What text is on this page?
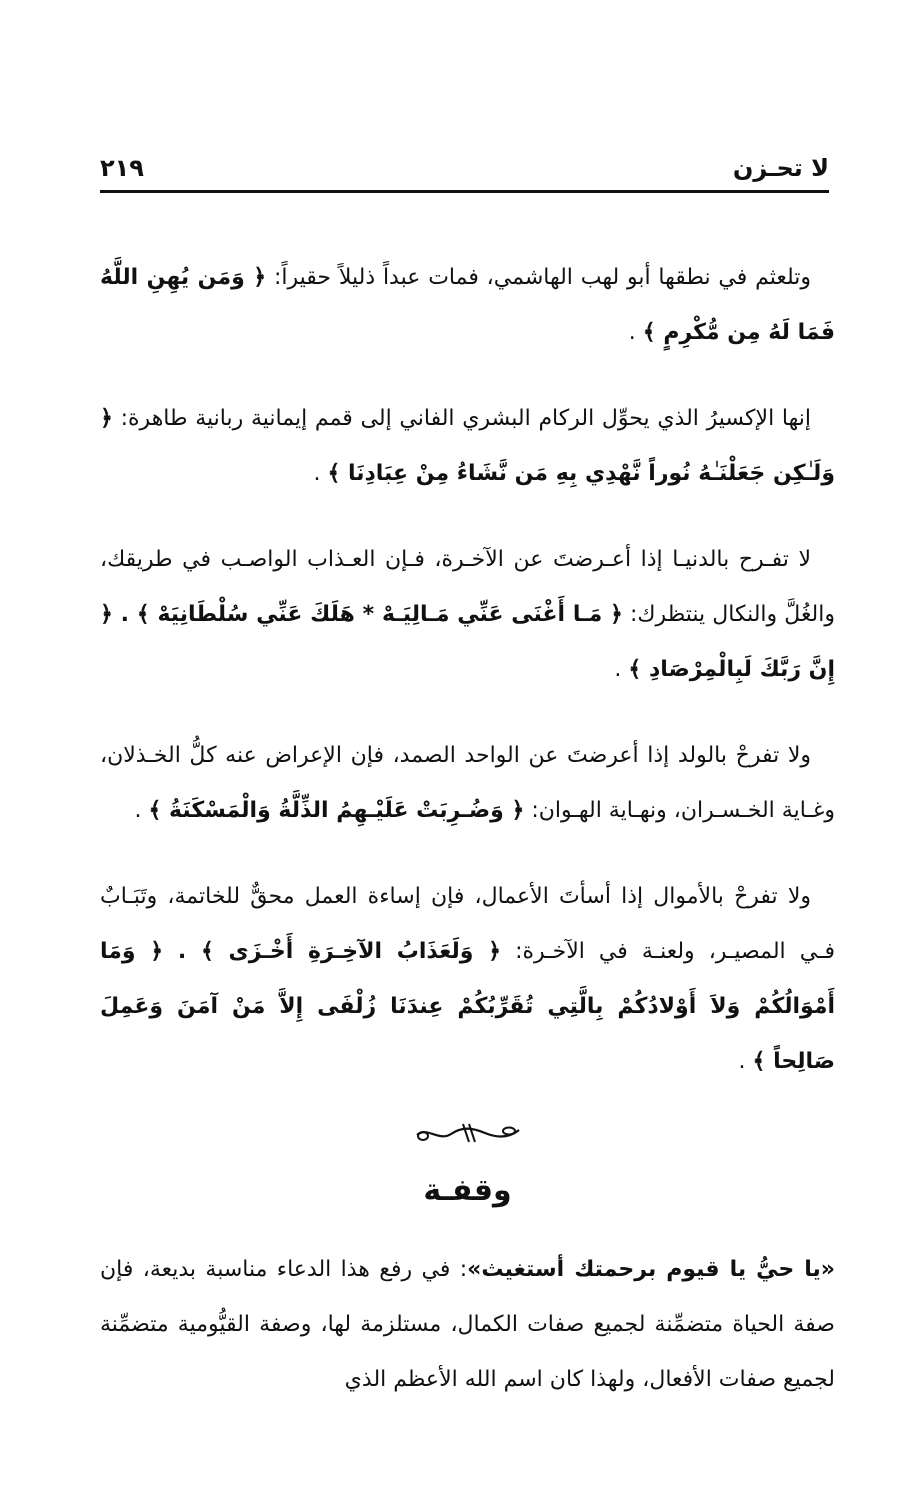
لا تحـزن
٢١٩

وتلعثم في نطقها أبو لهب الهاشمي، فمات عبداً ذليلاً حقيراً: ﴿ وَمَن يُهِنِ اللَّهُ فَمَا لَهُ مِن مُّكْرِمٍ ﴾ .

إنها الإكسيرُ الذي يحوِّل الركام البشري الفاني إلى قمم إيمانية ربانية طاهرة: ﴿ وَلَـٰكِن جَعَلْنَـٰهُ نُوراً نَّهْدِي بِهِ مَن نَّشَاءُ مِنْ عِبَادِنَا ﴾ .

لا تفـرح بالدنيـا إذا أعـرضتَ عن الآخـرة، فـإن العـذاب الواصـب في طريقك، والغُلَّ والنكال ينتظرك: ﴿ مَـا أَغْنَى عَنِّي مَـالِيَـهْ * هَلَكَ عَنِّي سُلْطَانِيَهْ ﴾ . ﴿ إِنَّ رَبَّكَ لَبِالْمِرْصَادِ ﴾ .

ولا تفرحْ بالولد إذا أعرضتَ عن الواحد الصمد، فإن الإعراض عنه كلُّ الخـذلان، وغـاية الخـسـران، ونهـاية الهـوان: ﴿ وَضُـرِبَتْ عَلَيْـهِمُ الذِّلَّةُ وَالْمَسْكَنَةُ ﴾ .

ولا تفرحْ بالأموال إذا أسأتَ الأعمال، فإن إساءة العمل محقٌّ للخاتمة، وتَبَـابٌ فـي المصيـر، ولعنـة في الآخـرة: ﴿ وَلَعَذَابُ الآخِـرَةِ أَخْـزَى ﴾ . ﴿ وَمَا أَمْوَالُكُمْ وَلاَ أَوْلادُكُمْ بِالَّتِي تُقَرِّبُكُمْ عِندَنَا زُلْفَى إِلاَّ مَنْ آمَنَ وَعَمِلَ صَالِحاً ﴾ .

وقفـة

«يا حيُّ يا قيوم برحمتك أستغيث»: في رفع هذا الدعاء مناسبة بديعة، فإن صفة الحياة متضمِّنة لجميع صفات الكمال، مستلزمة لها، وصفة القيُّومية متضمِّنة لجميع صفات الأفعال، ولهذا كان اسم الله الأعظم الذي
